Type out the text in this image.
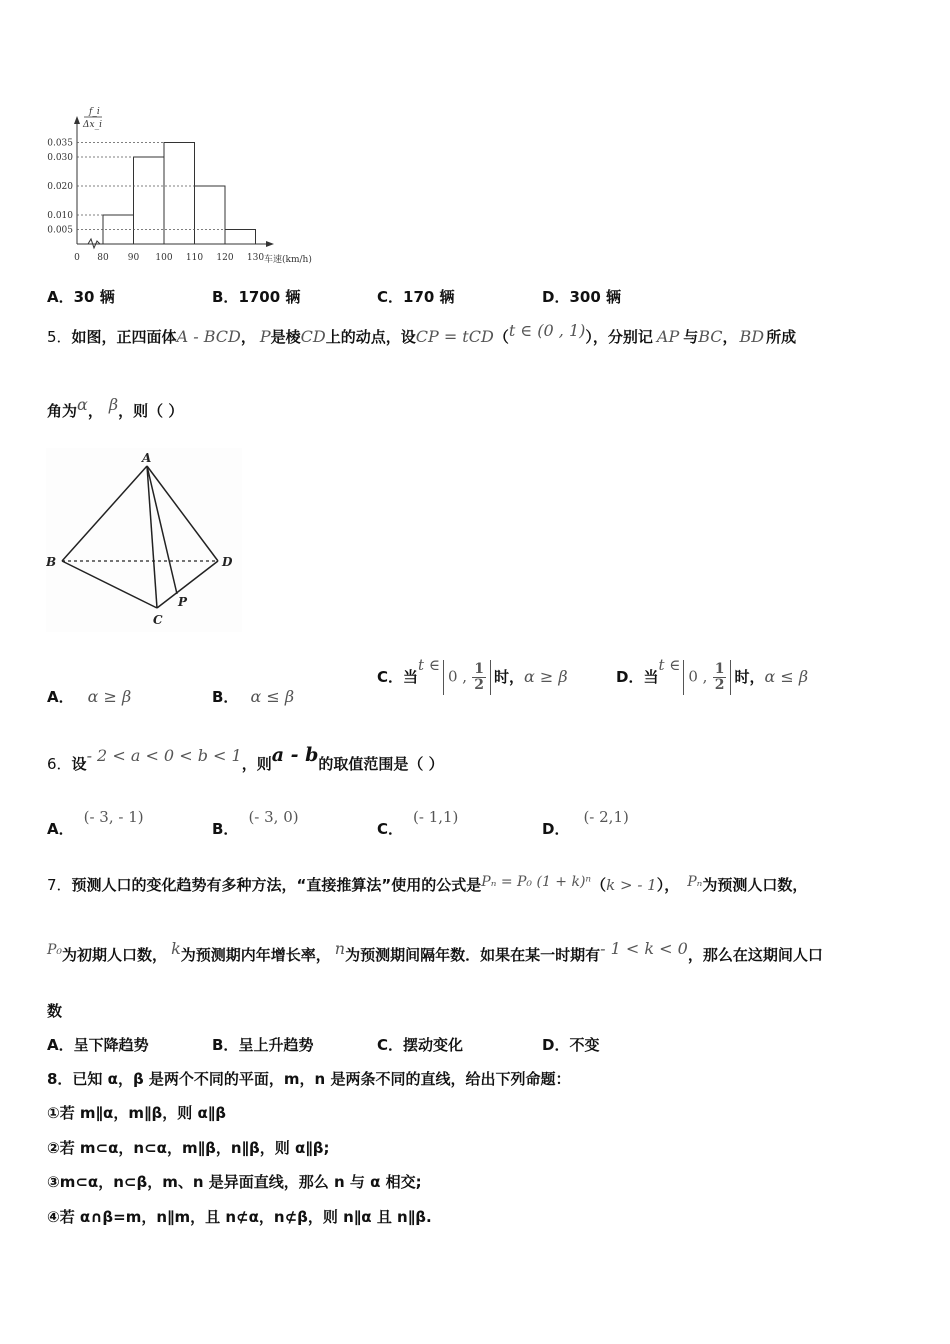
f_i
Δx_i
0.035
0.030
0.020
0.010
0.005
0 80 90 100 110 120 130 车速(km/h)
A．30 辆	B．1700 辆	C．170 辆	D．300 辆
5．如图，正四面体A - BCD， P是棱CD上的动点，设CP = tCD（t ∈ (0 , 1)），分别记 AP 与BC， BD 所成
角为α， β，则（ ）
A
B
C
D
P
A． α ≥ β	B． α ≤ β
C．当t ∈0 , $\frac{1}{2}$ 时，α ≥ β	D．当t ∈0 , $\frac{1}{2}$ 时，α ≤ β
6．设- 2 < a < 0 < b < 1，则a - b的取值范围是（ ）
A．(- 3, - 1)
B．(- 3, 0)
C．(- 1,1)
D．(- 2,1)
7．预测人口的变化趋势有多种方法，“直接推算法”使用的公式是Pₙ = P₀ (1 + k)ⁿ（k > - 1）， Pₙ为预测人口数，
P₀为初期人口数， k为预测期内年增长率， n为预测期间隔年数．如果在某一时期有- 1 < k < 0，那么在这期间人口
数
A．呈下降趋势	B．呈上升趋势	C．摆动变化	D．不变
8．已知 α，β 是两个不同的平面，m，n 是两条不同的直线，给出下列命题：
①若 m∥α，m∥β，则 α∥β
②若 m⊂α，n⊂α，m∥β，n∥β，则 α∥β;
③m⊂α，n⊂β，m、n 是异面直线，那么 n 与 α 相交;
④若 α∩β=m，n∥m，且 n⊄α，n⊄β，则 n∥α 且 n∥β.
